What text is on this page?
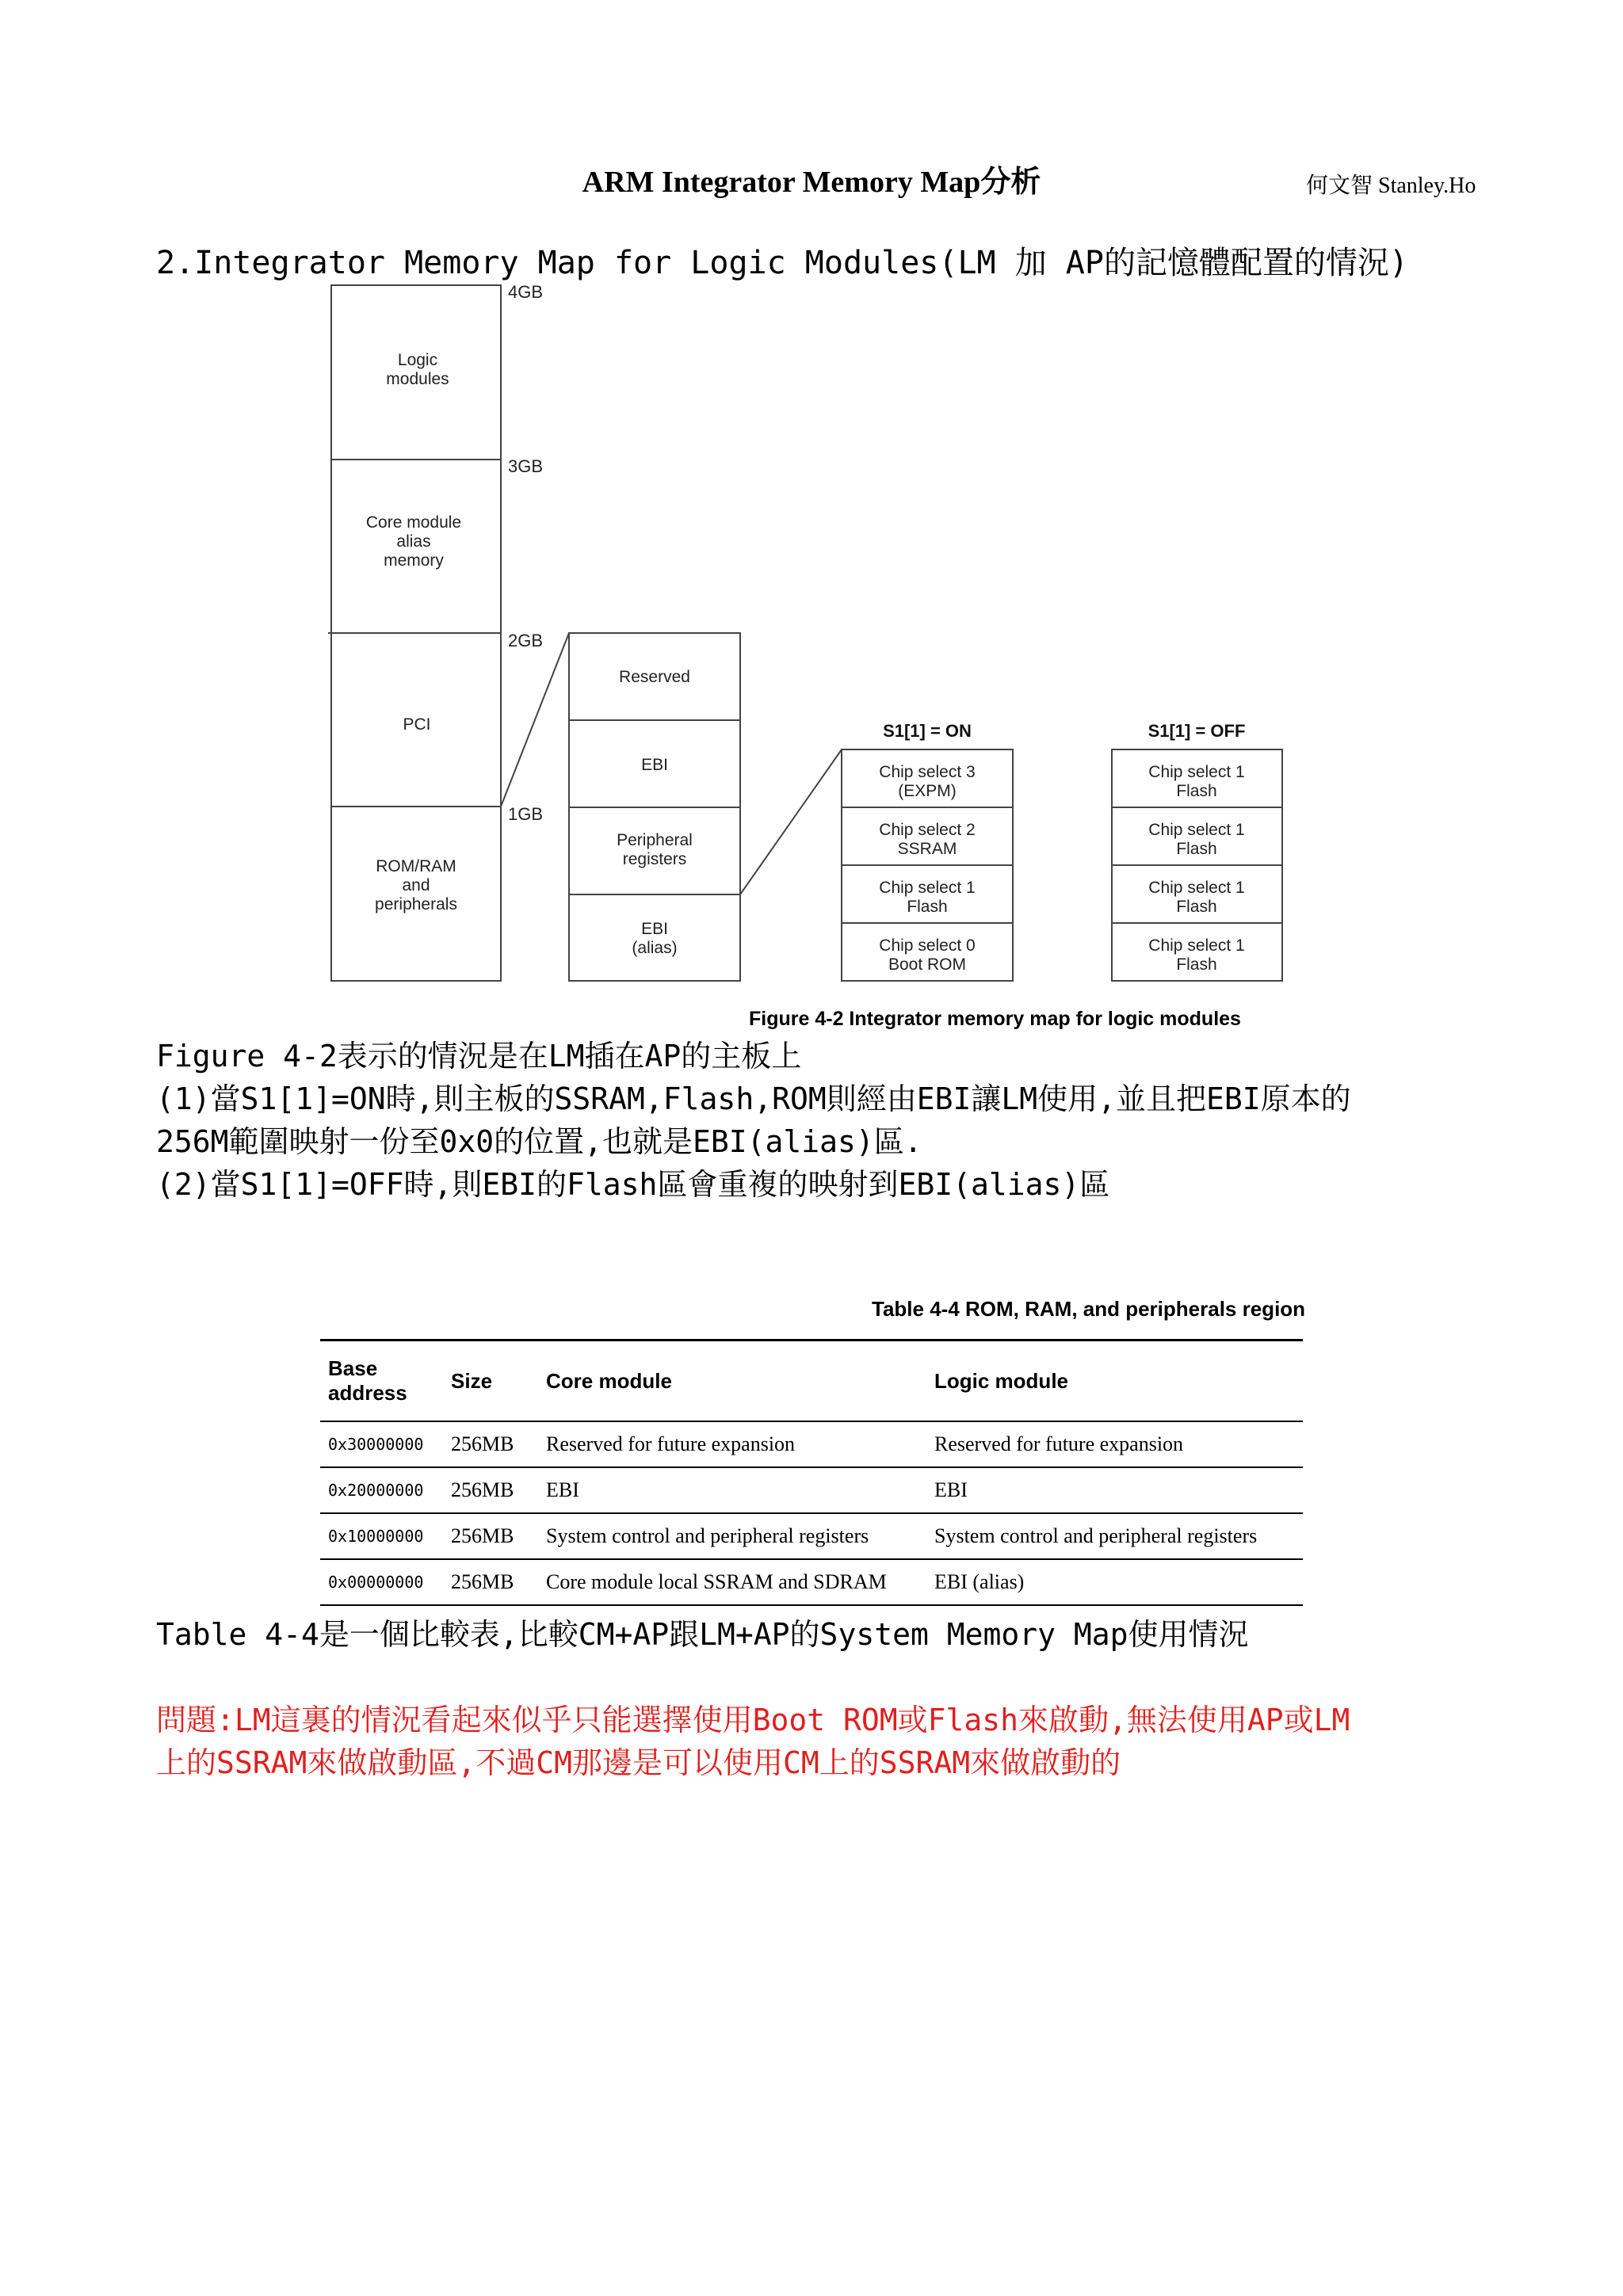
ARM Integrator Memory Map分析	何文智 Stanley.Ho
2.Integrator Memory Map for Logic Modules(LM 加 AP的記憶體配置的情況)
4GB
3GB
2GB
1GB
Logic
modules
Core module
alias
memory
PCI
ROM/RAM
and
peripherals
Reserved
EBI
Peripheral
registers
EBI
(alias)
Chip select 3
(EXPM)
Chip select 2
SSRAM
Chip select 1
Flash
Chip select 0
Boot ROM
Chip select 1
Flash
Chip select 1
Flash
Chip select 1
Flash
Chip select 1
Flash
S1[1] = ON	S1[1] = OFF
Figure 4-2 Integrator memory map for logic modules
Figure 4-2表示的情況是在LM插在AP的主板上
(1)當S1[1]=ON時,則主板的SSRAM,Flash,ROM則經由EBI讓LM使用,並且把EBI原本的
256M範圍映射一份至0x0的位置,也就是EBI(alias)區.
(2)當S1[1]=OFF時,則EBI的Flash區會重複的映射到EBI(alias)區
Table 4-4 ROM, RAM, and peripherals region
Base
address	Size	Core module	Logic module
0x30000000	256MB	Reserved for future expansion	Reserved for future expansion
0x20000000	256MB	EBI	EBI
0x10000000	256MB	System control and peripheral registers	System control and peripheral registers
0x00000000	256MB	Core module local SSRAM and SDRAM	EBI (alias)
Table 4-4是一個比較表,比較CM+AP跟LM+AP的System Memory Map使用情況
問題:LM這裏的情況看起來似乎只能選擇使用Boot ROM或Flash來啟動,無法使用AP或LM
上的SSRAM來做啟動區,不過CM那邊是可以使用CM上的SSRAM來做啟動的
